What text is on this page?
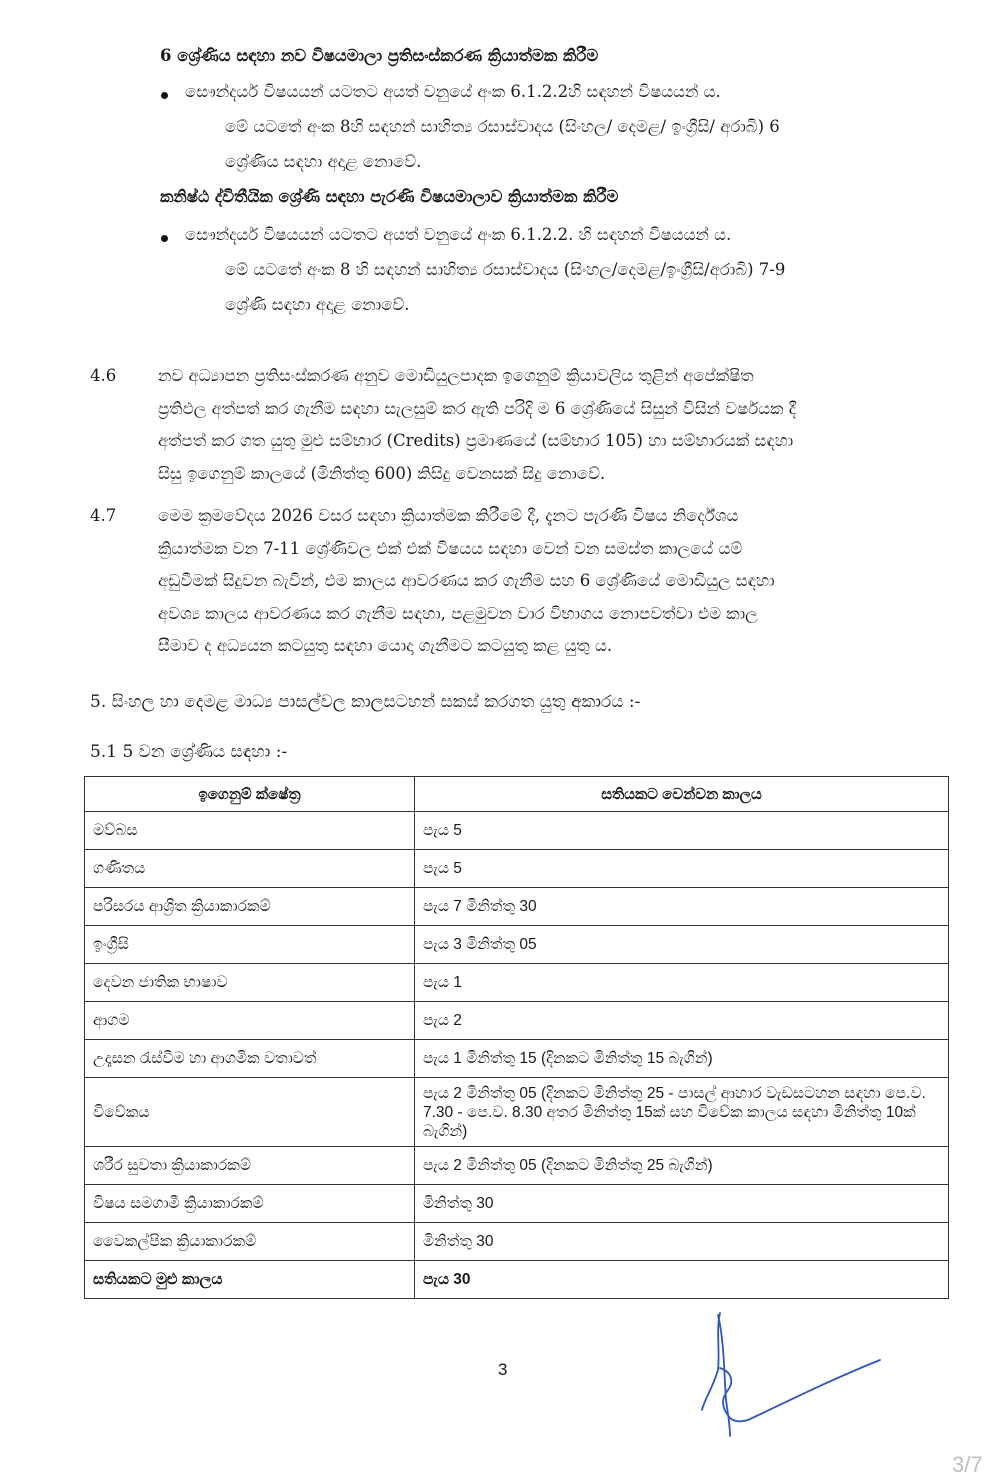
6 ශ්‍රේණිය සඳහා නව විෂයමාලා ප්‍රතිසංස්කරණ ක්‍රියාත්මක කිරීම
සෞන්දර්ය විෂයයන් යටතට අයත් වනුයේ අංක 6.1.2.2හි සඳහන් විෂයයන් ය.
මේ යටතේ අංක 8හි සඳහන් සාහිත්‍ය රසාස්වාදය (සිංහල/ දෙමළ/ ඉංග්‍රීසි/ අරාබි) 6
ශ්‍රේණිය සඳහා අදාළ නොවේ.
කනිෂ්ඨ ද්විතීයික ශ්‍රේණි සඳහා පැරණි විෂයමාලාව ක්‍රියාත්මක කිරීම
සෞන්දර්ය විෂයයන් යටතට අයත් වනුයේ අංක 6.1.2.2. හි සඳහන් විෂයයන් ය.
මේ යටතේ අංක 8 හි සඳහන් සාහිත්‍ය රසාස්වාදය (සිංහල/දෙමළ/ඉංග්‍රීසි/අරාබි) 7-9
ශ්‍රේණි සඳහා අදාළ නොවේ.
4.6	නව අධ්‍යාපන ප්‍රතිසංස්කරණ අනුව මොඩියුලපාදක ඉගෙනුම් ක්‍රියාවලිය තුළින් අපේක්ෂිත
ප්‍රතිඵල අත්පත් කර ගැනීම සඳහා සැලසුම් කර ඇති පරිදි ම 6 ශ්‍රේණියේ සිසුන් විසින් වර්ෂයක දී
අත්පත් කර ගත යුතු මුළු සම්භාර (Credits) ප්‍රමාණයේ (සම්භාර 105) හා සම්භාරයක් සඳහා
සිසු ඉගෙනුම් කාලයේ (මිනිත්තු 600) කිසිදු වෙනසක් සිදු නොවේ.
4.7	මෙම ක්‍රමවේදය 2026 වසර සඳහා ක්‍රියාත්මක කිරීමේ දී, දැනට පැරණි විෂය නිර්දේශය
ක්‍රියාත්මක වන 7-11 ශ්‍රේණිවල එක් එක් විෂයය සඳහා වෙන් වන සමස්ත කාලයේ යම්
අඩුවීමක් සිදුවන බැවින්, එම කාලය ආවරණය කර ගැනීම සහ 6 ශ්‍රේණියේ මොඩියුල සඳහා
අවශ්‍ය කාලය ආවරණය කර ගැනීම සඳහා, පළමුවන වාර විභාගය නොපවත්වා එම කාල
සීමාව ද අධ්‍යයන කටයුතු සඳහා යොදා ගැනීමට කටයුතු කළ යුතු ය.
5. සිංහල හා දෙමළ මාධ්‍ය පාසල්වල කාලසටහන් සකස් කරගත යුතු අකාරය :-
5.1 5 වන ශ්‍රේණිය සඳහා :-
ඉගෙනුම් ක්ෂේත්‍ර	සතියකට වෙන්වන කාලය
මව්බස	පැය 5
ගණිතය	පැය 5
පරිසරය ආශ්‍රිත ක්‍රියාකාරකම්	පැය 7 මිනිත්තු 30
ඉංග්‍රීසි	පැය 3 මිනිත්තු 05
දෙවන ජාතික භාෂාව	පැය 1
ආගම	පැය 2
උදෑසන රැස්වීම හා ආගමික වතාවත්	පැය 1 මිනිත්තු 15 (දිනකට මිනිත්තු 15 බැගින්)
විවේකය	පැය 2 මිනිත්තු 05 (දිනකට මිනිත්තු 25 - පාසල් ආහාර වැඩසටහන සඳහා පෙ.ව. 7.30 - පෙ.ව. 8.30 අතර මිනිත්තු 15ක් සහ විවේක කාලය සඳහා මිනිත්තු 10ක් බැගින්)
ශරීර සුවතා ක්‍රියාකාරකම්	පැය 2 මිනිත්තු 05 (දිනකට මිනිත්තු 25 බැගින්)
විෂය සමගාමී ක්‍රියාකාරකම්	මිනිත්තු 30
වෛකල්පික ක්‍රියාකාරකම්	මිනිත්තු 30
සතියකට මුළු කාලය	පැය 30
3
3/7
